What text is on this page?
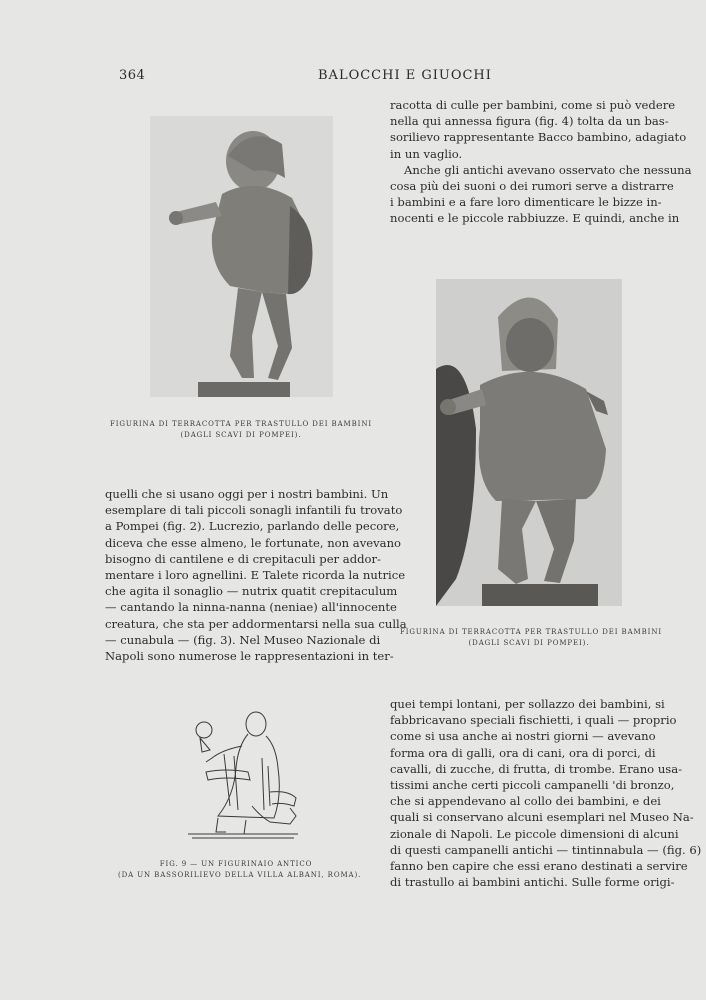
364	BALOCCHI E GIUOCHI
FIGURINA DI TERRACOTTA PER TRASTULLO DEI BAMBINI
(DAGLI SCAVI DI POMPEI).
racotta di culle per bambini, come si può vedere
nella qui annessa figura (fig. 4) tolta da un bas-
sorilievo rappresentante Bacco bambino, adagiato
in un vaglio.
Anche gli antichi avevano osservato che nessuna
cosa più dei suoni o dei rumori serve a distrarre
i bambini e a fare loro dimenticare le bizze in-
nocenti e le piccole rabbiuzze. E quindi, anche in
FIGURINA DI TERRACOTTA PER TRASTULLO DEI BAMBINI
(DAGLI SCAVI DI POMPEI).
quelli che si usano oggi per i nostri bambini. Un
esemplare di tali piccoli sonagli infantili fu trovato
a Pompei (fig. 2). Lucrezio, parlando delle pecore,
diceva che esse almeno, le fortunate, non avevano
bisogno di cantilene e di crepitaculi per addor-
mentare i loro agnellini. E Talete ricorda la nutrice
che agita il sonaglio — nutrix quatit crepitaculum
— cantando la ninna-nanna (neniae) all'innocente
creatura, che sta per addormentarsi nella sua culla
— cunabula — (fig. 3). Nel Museo Nazionale di
Napoli sono numerose le rappresentazioni in ter-
FIG. 9 — UN FIGURINAIO ANTICO
(DA UN BASSORILIEVO DELLA VILLA ALBANI, ROMA).
quei tempi lontani, per sollazzo dei bambini, si
fabbricavano speciali fischietti, i quali — proprio
come si usa anche ai nostri giorni — avevano
forma ora di galli, ora di cani, ora di porci, di
cavalli, di zucche, di frutta, di trombe. Erano usa-
tissimi anche certi piccoli campanelli 'di bronzo,
che si appendevano al collo dei bambini, e dei
quali si conservano alcuni esemplari nel Museo Na-
zionale di Napoli. Le piccole dimensioni di alcuni
di questi campanelli antichi — tintinnabula — (fig. 6)
fanno ben capire che essi erano destinati a servire
di trastullo ai bambini antichi. Sulle forme origi-
